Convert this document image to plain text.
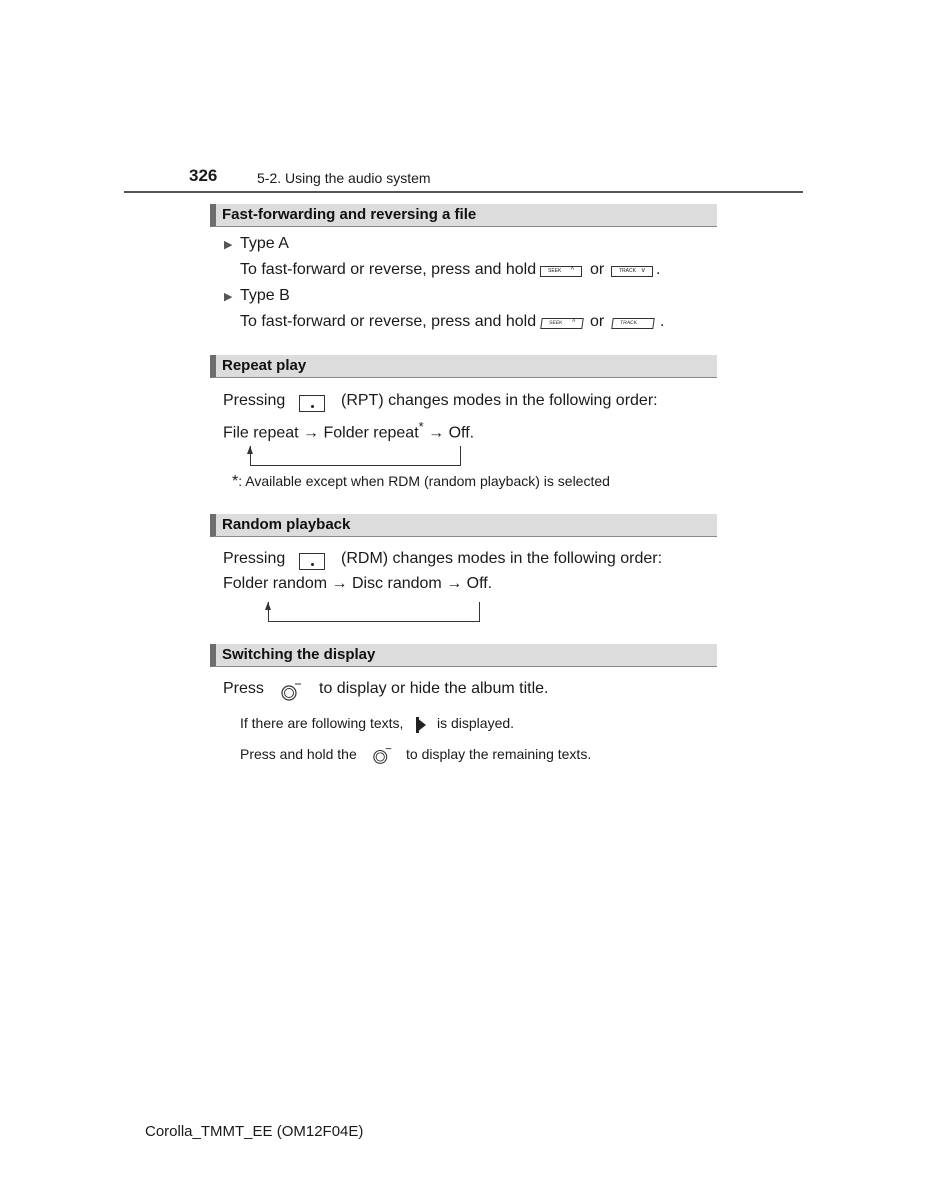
326	5-2. Using the audio system
Fast-forwarding and reversing a file
▶ Type A
To fast-forward or reverse, press and hold SEEK ^ or	TRACK v .
▶ Type B
To fast-forward or reverse, press and hold	SEEK ^ or	TRACK .
Repeat play
Pressing	(RPT) changes modes in the following order:
File repeat → Folder repeat* → Off.
*: Available except when RDM (random playback) is selected
Random playback
Pressing	(RDM) changes modes in the following order:
Folder random → Disc random → Off.
Switching the display
Press	to display or hide the album title.
If there are following texts, is displayed.
Press and hold the	to display the remaining texts.
Corolla_TMMT_EE (OM12F04E)
